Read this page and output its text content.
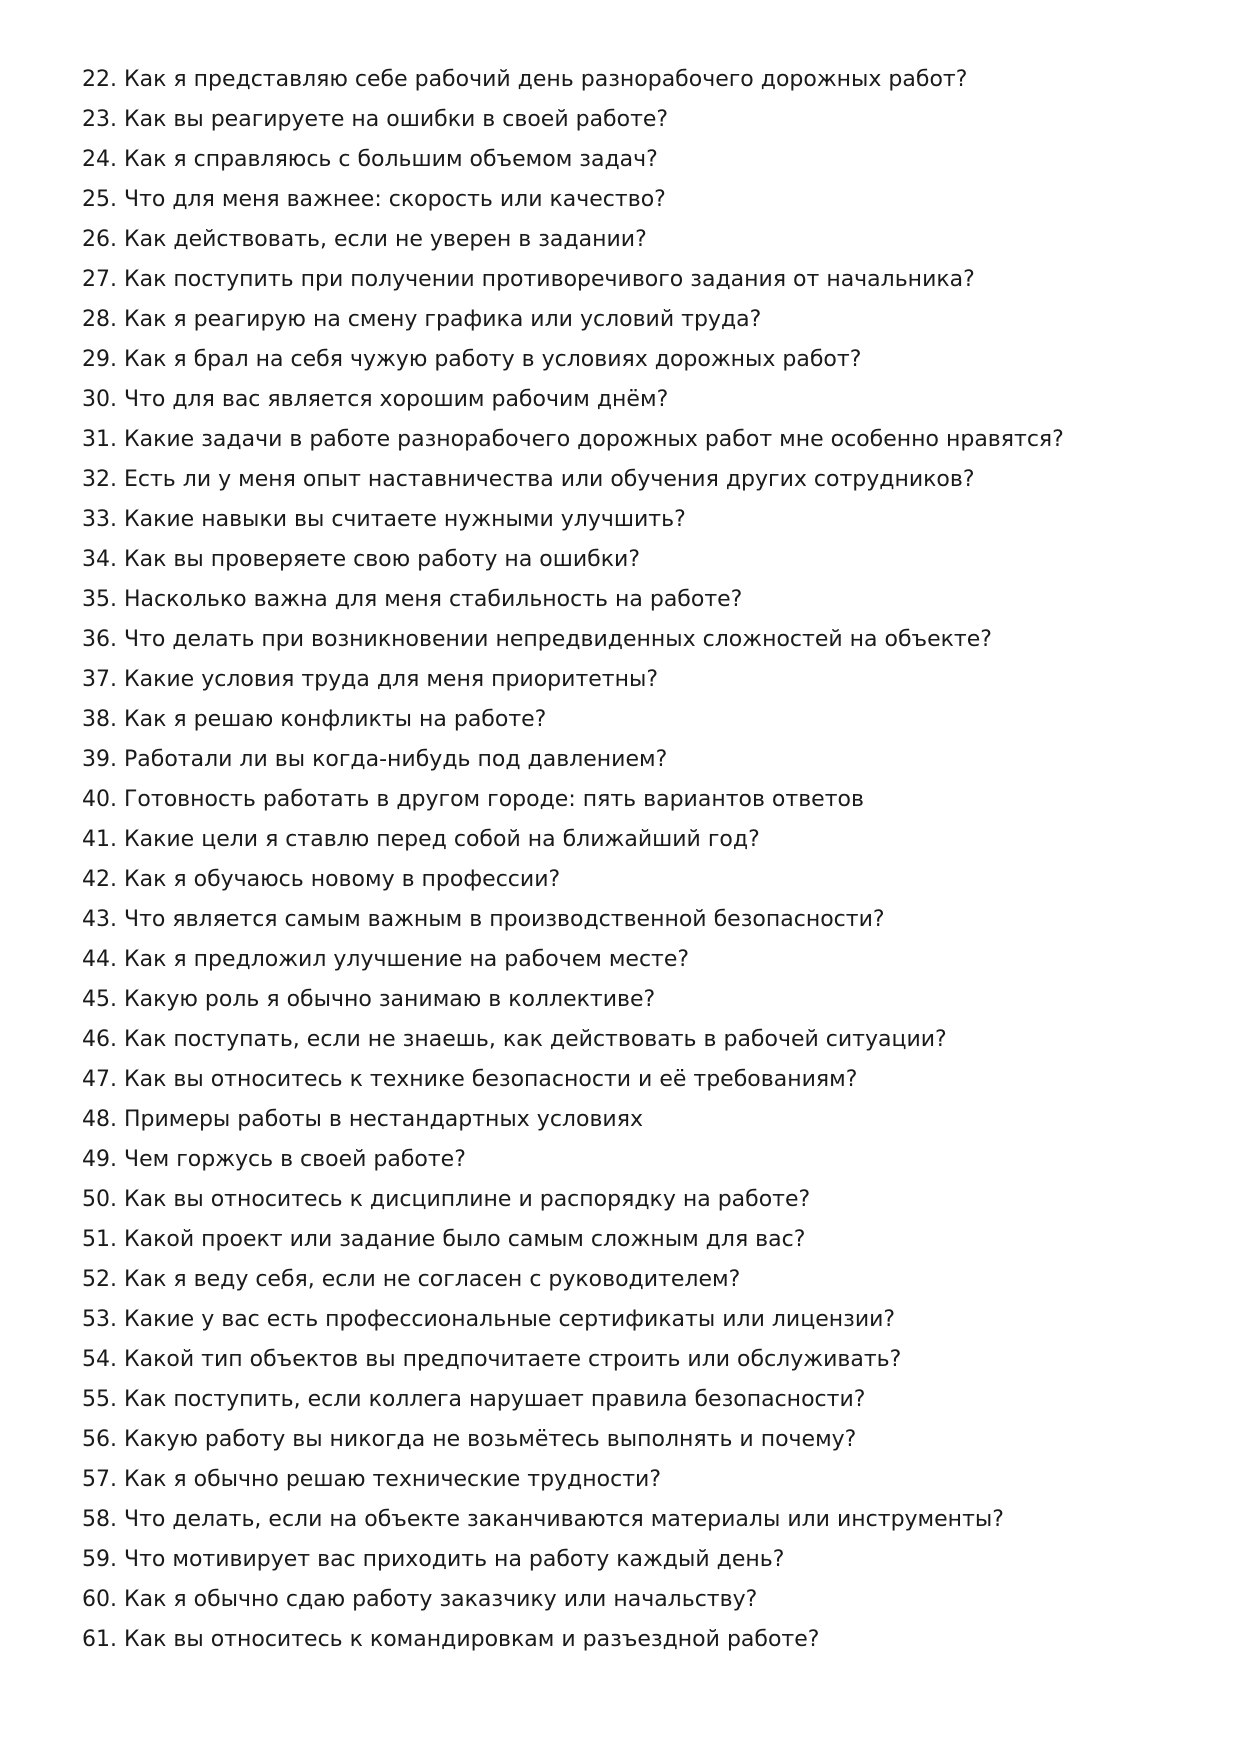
22. Как я представляю себе рабочий день разнорабочего дорожных работ?
23. Как вы реагируете на ошибки в своей работе?
24. Как я справляюсь с большим объемом задач?
25. Что для меня важнее: скорость или качество?
26. Как действовать, если не уверен в задании?
27. Как поступить при получении противоречивого задания от начальника?
28. Как я реагирую на смену графика или условий труда?
29. Как я брал на себя чужую работу в условиях дорожных работ?
30. Что для вас является хорошим рабочим днём?
31. Какие задачи в работе разнорабочего дорожных работ мне особенно нравятся?
32. Есть ли у меня опыт наставничества или обучения других сотрудников?
33. Какие навыки вы считаете нужными улучшить?
34. Как вы проверяете свою работу на ошибки?
35. Насколько важна для меня стабильность на работе?
36. Что делать при возникновении непредвиденных сложностей на объекте?
37. Какие условия труда для меня приоритетны?
38. Как я решаю конфликты на работе?
39. Работали ли вы когда-нибудь под давлением?
40. Готовность работать в другом городе: пять вариантов ответов
41. Какие цели я ставлю перед собой на ближайший год?
42. Как я обучаюсь новому в профессии?
43. Что является самым важным в производственной безопасности?
44. Как я предложил улучшение на рабочем месте?
45. Какую роль я обычно занимаю в коллективе?
46. Как поступать, если не знаешь, как действовать в рабочей ситуации?
47. Как вы относитесь к технике безопасности и её требованиям?
48. Примеры работы в нестандартных условиях
49. Чем горжусь в своей работе?
50. Как вы относитесь к дисциплине и распорядку на работе?
51. Какой проект или задание было самым сложным для вас?
52. Как я веду себя, если не согласен с руководителем?
53. Какие у вас есть профессиональные сертификаты или лицензии?
54. Какой тип объектов вы предпочитаете строить или обслуживать?
55. Как поступить, если коллега нарушает правила безопасности?
56. Какую работу вы никогда не возьмётесь выполнять и почему?
57. Как я обычно решаю технические трудности?
58. Что делать, если на объекте заканчиваются материалы или инструменты?
59. Что мотивирует вас приходить на работу каждый день?
60. Как я обычно сдаю работу заказчику или начальству?
61. Как вы относитесь к командировкам и разъездной работе?
